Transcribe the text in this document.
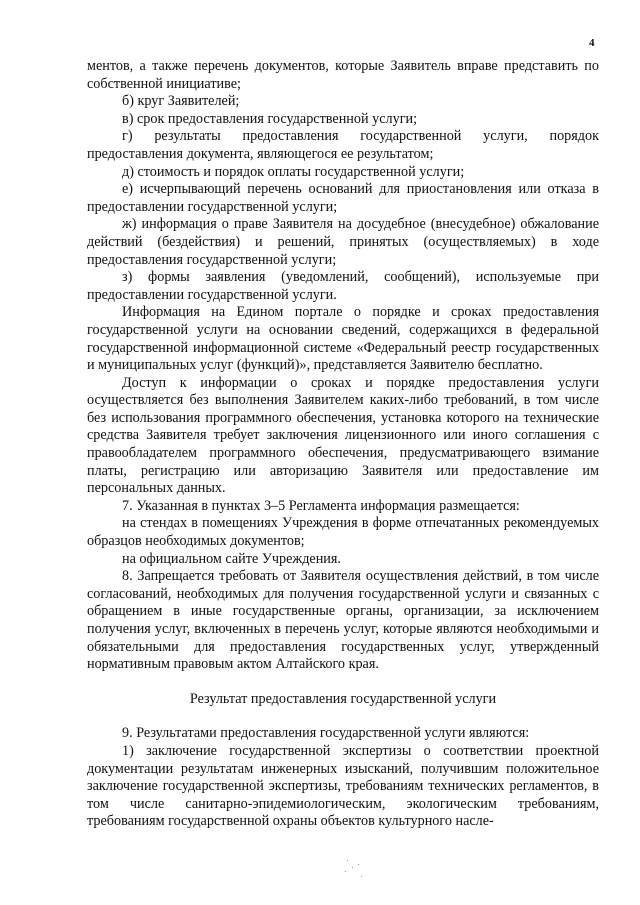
4

ментов, а также перечень документов, которые Заявитель вправе представить по собственной инициативе;

б) круг Заявителей;

в) срок предоставления государственной услуги;

г) результаты предоставления государственной услуги, порядок предоставления документа, являющегося ее результатом;

д) стоимость и порядок оплаты государственной услуги;

е) исчерпывающий перечень оснований для приостановления или отказа в предоставлении государственной услуги;

ж) информация о праве Заявителя на досудебное (внесудебное) обжалование действий (бездействия) и решений, принятых (осуществляемых) в ходе предоставления государственной услуги;

з) формы заявления (уведомлений, сообщений), используемые при предоставлении государственной услуги.

Информация на Едином портале о порядке и сроках предоставления государственной услуги на основании сведений, содержащихся в федеральной государственной информационной системе «Федеральный реестр государственных и муниципальных услуг (функций)», представляется Заявителю бесплатно.

Доступ к информации о сроках и порядке предоставления услуги осуществляется без выполнения Заявителем каких-либо требований, в том числе без использования программного обеспечения, установка которого на технические средства Заявителя требует заключения лицензионного или иного соглашения с правообладателем программного обеспечения, предусматривающего взимание платы, регистрацию или авторизацию Заявителя или предоставление им персональных данных.

7. Указанная в пунктах 3–5 Регламента информация размещается:

на стендах в помещениях Учреждения в форме отпечатанных рекомендуемых образцов необходимых документов;

на официальном сайте Учреждения.

8. Запрещается требовать от Заявителя осуществления действий, в том числе согласований, необходимых для получения государственной услуги и связанных с обращением в иные государственные органы, организации, за исключением получения услуг, включенных в перечень услуг, которые являются необходимыми и обязательными для предоставления государственных услуг, утвержденный нормативным правовым актом Алтайского края.

Результат предоставления государственной услуги

9. Результатами предоставления государственной услуги являются:

1) заключение государственной экспертизы о соответствии проектной документации результатам инженерных изысканий, получившим положительное заключение государственной экспертизы, требованиям технических регламентов, в том числе санитарно-эпидемиологическим, экологическим требованиям, требованиям государственной охраны объектов культурного насле-
